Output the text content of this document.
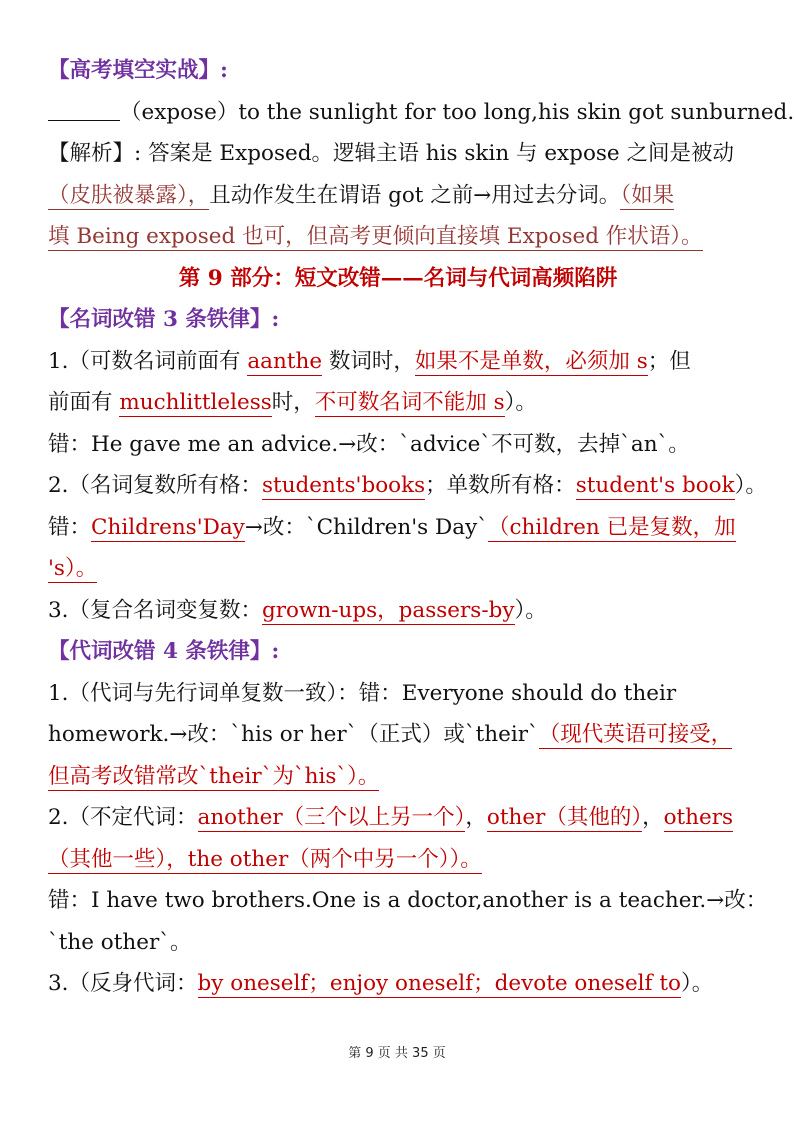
【高考填空实战】:
（expose）to the sunlight for too long,his skin got sunburned.
【解析】: 答案是 Exposed。逻辑主语 his skin 与 expose 之间是被动
（皮肤被暴露），且动作发生在谓语 got 之前→用过去分词。（如果
填 Being exposed 也可，但高考更倾向直接填 Exposed 作状语）。
第 9 部分：短文改错——名词与代词高频陷阱
【名词改错 3 条铁律】:
1.（可数名词前面有 aanthe 数词时，如果不是单数，必须加 s；但
前面有 muchlittleless时，不可数名词不能加 s）。
错：He gave me an advice.→改：`advice`不可数，去掉`an`。
2.（名词复数所有格：students'books；单数所有格：student's book）。
错：Childrens'Day→改：`Children's Day`（children 已是复数，加
's）。
3.（复合名词变复数：grown-ups，passers-by）。
【代词改错 4 条铁律】:
1.（代词与先行词单复数一致）：错：Everyone should do their
homework.→改：`his or her`（正式）或`their`（现代英语可接受，
但高考改错常改`their`为`his`）。
2.（不定代词：another（三个以上另一个），other（其他的），others
（其他一些），the other（两个中另一个））。
错：I have two brothers.One is a doctor,another is a teacher.→改：
`the other`。
3.（反身代词：by oneself；enjoy oneself；devote oneself to）。
第 9 页 共 35 页
